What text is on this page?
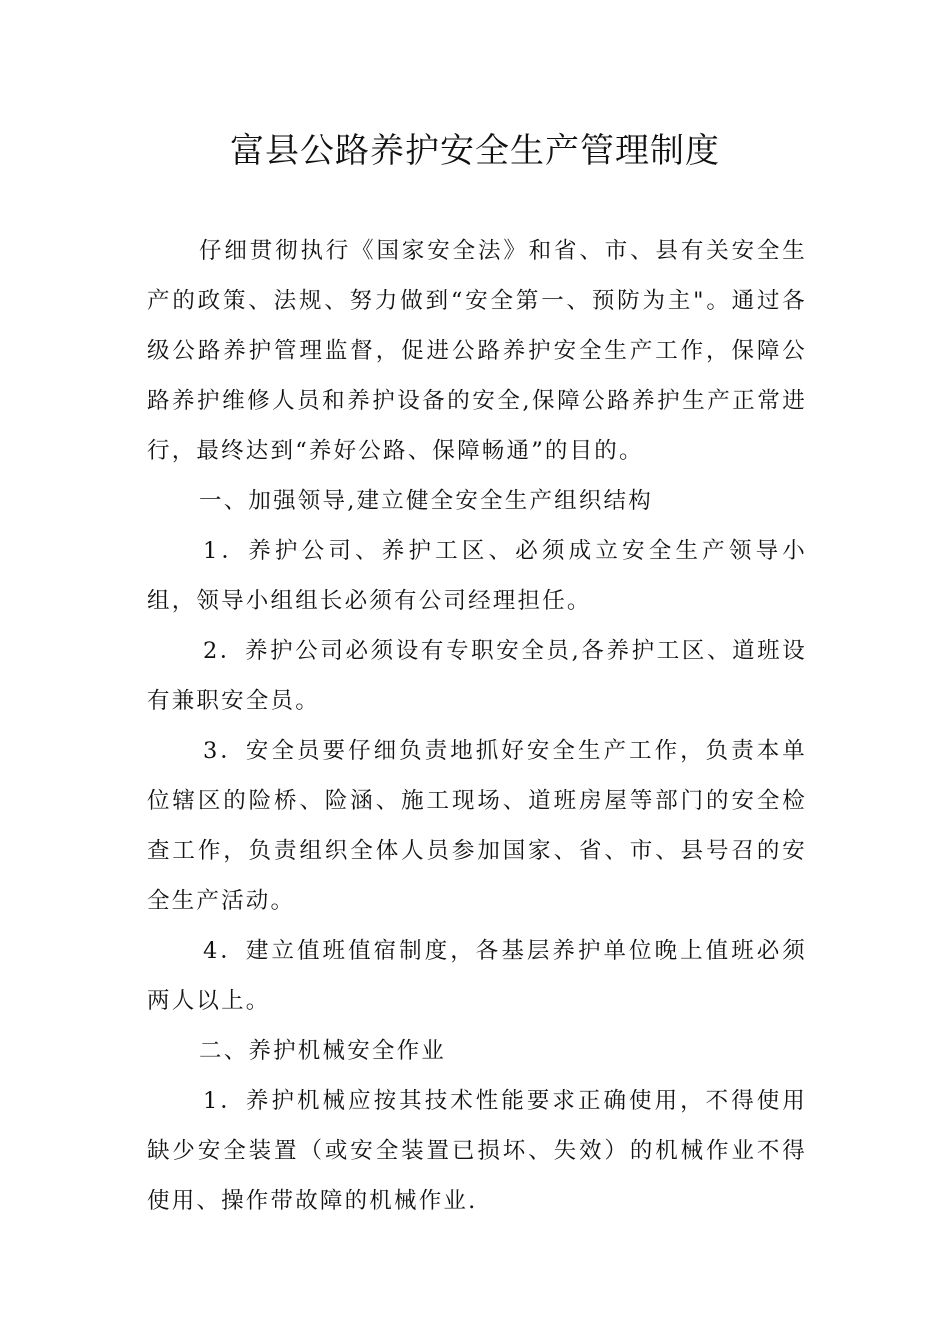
富县公路养护安全生产管理制度

仔细贯彻执行《国家安全法》和省、市、县有关安全生产的政策、法规、努力做到“安全第一、预防为主"。通过各级公路养护管理监督，促进公路养护安全生产工作，保障公路养护维修人员和养护设备的安全,保障公路养护生产正常进行，最终达到“养好公路、保障畅通”的目的。

一、加强领导,建立健全安全生产组织结构

1．养护公司、养护工区、必须成立安全生产领导小组，领导小组组长必须有公司经理担任。

2．养护公司必须设有专职安全员,各养护工区、道班设有兼职安全员。

3．安全员要仔细负责地抓好安全生产工作，负责本单位辖区的险桥、险涵、施工现场、道班房屋等部门的安全检查工作，负责组织全体人员参加国家、省、市、县号召的安全生产活动。

4．建立值班值宿制度，各基层养护单位晚上值班必须两人以上。

二、养护机械安全作业

1．养护机械应按其技术性能要求正确使用，不得使用缺少安全装置（或安全装置已损坏、失效）的机械作业不得使用、操作带故障的机械作业.
